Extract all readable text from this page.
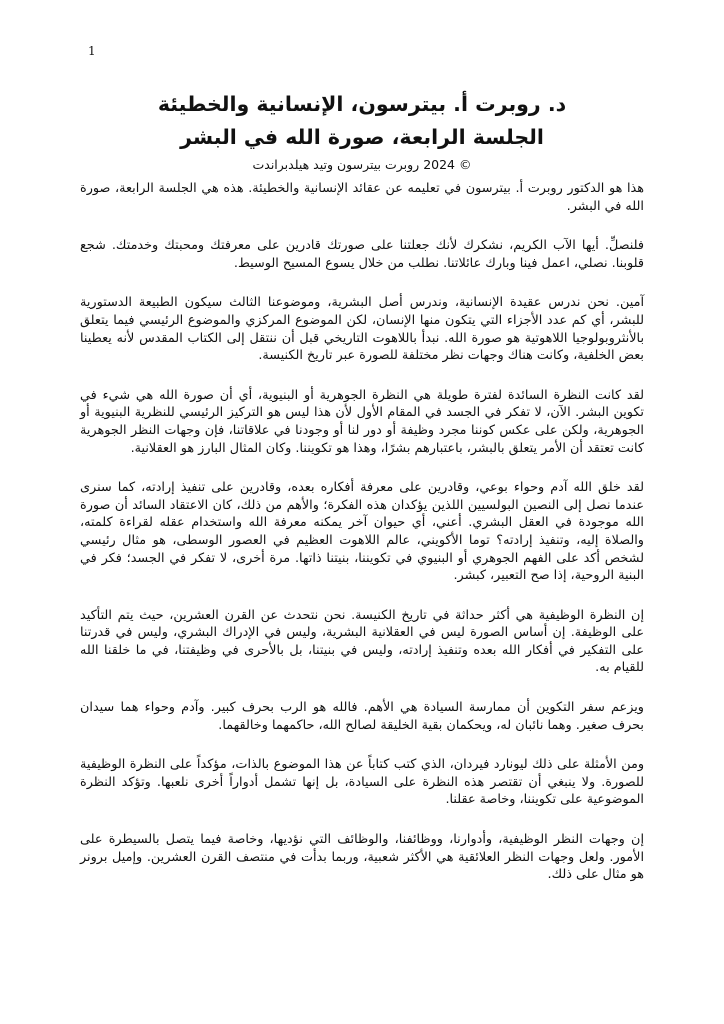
1
د. روبرت أ. بيترسون، الإنسانية والخطيئة
الجلسة الرابعة، صورة الله في البشر
© 2024 روبرت بيترسون وتيد هيلدبراندت

هذا هو الدكتور روبرت أ. بيترسون في تعليمه عن عقائد الإنسانية والخطيئة. هذه هي الجلسة الرابعة، صورة الله في البشر.

فلنصلِّ. أيها الآب الكريم، نشكرك لأنك جعلتنا على صورتك قادرين على معرفتك ومحبتك وخدمتك. شجع قلوبنا. نصلي، اعمل فينا وبارك عائلاتنا. نطلب من خلال يسوع المسيح الوسيط.

آمين. نحن ندرس عقيدة الإنسانية، وندرس أصل البشرية، وموضوعنا الثالث سيكون الطبيعة الدستورية للبشر، أي كم عدد الأجزاء التي يتكون منها الإنسان، لكن الموضوع المركزي والموضوع الرئيسي فيما يتعلق بالأنثروبولوجيا اللاهوتية هو صورة الله. نبدأ باللاهوت التاريخي قبل أن ننتقل إلى الكتاب المقدس لأنه يعطينا بعض الخلفية، وكانت هناك وجهات نظر مختلفة للصورة عبر تاريخ الكنيسة.

لقد كانت النظرة السائدة لفترة طويلة هي النظرة الجوهرية أو البنيوية، أي أن صورة الله هي شيء في تكوين البشر. الآن، لا تفكر في الجسد في المقام الأول لأن هذا ليس هو التركيز الرئيسي للنظرية البنيوية أو الجوهرية، ولكن على عكس كوننا مجرد وظيفة أو دور لنا أو وجودنا في علاقاتنا، فإن وجهات النظر الجوهرية كانت تعتقد أن الأمر يتعلق بالبشر، باعتبارهم بشرًا، وهذا هو تكويننا. وكان المثال البارز هو العقلانية.

لقد خلق الله آدم وحواء بوعي، وقادرين على معرفة أفكاره بعده، وقادرين على تنفيذ إرادته، كما سنرى عندما نصل إلى النصين البولسيين اللذين يؤكدان هذه الفكرة؛ والأهم من ذلك، كان الاعتقاد السائد أن صورة الله موجودة في العقل البشري. أعني، أي حيوان آخر يمكنه معرفة الله واستخدام عقله لقراءة كلمته، والصلاة إليه، وتنفيذ إرادته؟ توما الأكويني، عالم اللاهوت العظيم في العصور الوسطى، هو مثال رئيسي لشخص أكد على الفهم الجوهري أو البنيوي في تكويننا، بنيتنا ذاتها. مرة أخرى، لا تفكر في الجسد؛ فكر في البنية الروحية، إذا صح التعبير، كبشر.

إن النظرة الوظيفية هي أكثر حداثة في تاريخ الكنيسة. نحن نتحدث عن القرن العشرين، حيث يتم التأكيد على الوظيفة. إن أساس الصورة ليس في العقلانية البشرية، وليس في الإدراك البشري، وليس في قدرتنا على التفكير في أفكار الله بعده وتنفيذ إرادته، وليس في بنيتنا، بل بالأحرى في وظيفتنا، في ما خلقنا الله للقيام به.

ويزعم سفر التكوين أن ممارسة السيادة هي الأهم. فالله هو الرب بحرف كبير. وآدم وحواء هما سيدان بحرف صغير. وهما نائبان له، ويحكمان بقية الخليقة لصالح الله، حاكمهما وخالقهما.

ومن الأمثلة على ذلك ليونارد فيردان، الذي كتب كتاباً عن هذا الموضوع بالذات، مؤكداً على النظرة الوظيفية للصورة. ولا ينبغي أن تقتصر هذه النظرة على السيادة، بل إنها تشمل أدواراً أخرى نلعبها. وتؤكد النظرة الموضوعية على تكويننا، وخاصة عقلنا.

إن وجهات النظر الوظيفية، وأدوارنا، ووظائفنا، والوظائف التي نؤديها، وخاصة فيما يتصل بالسيطرة على الأمور. ولعل وجهات النظر العلائقية هي الأكثر شعبية، وربما بدأت في منتصف القرن العشرين. وإميل برونر هو مثال على ذلك.
